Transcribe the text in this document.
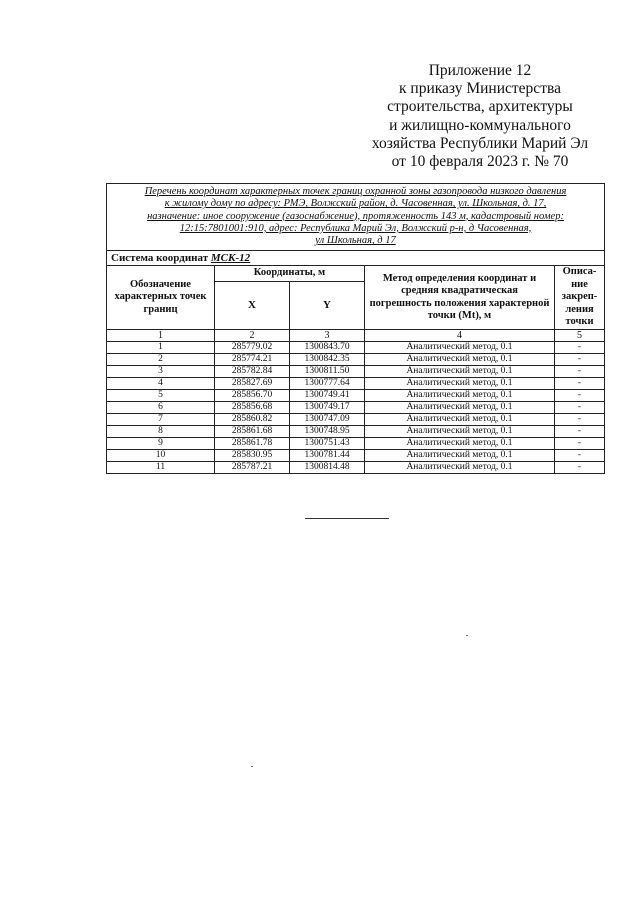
Приложение 12
к приказу Министерства
строительства, архитектуры
и жилищно-коммунального
хозяйства Республики Марий Эл
от 10 февраля 2023 г. № 70
Перечень координат характерных точек границ охранной зоны газопровода низкого давления
к жилому дому по адресу: РМЭ, Волжский район, д. Часовенная, ул. Школьная, д. 17,
назначение: иное сооружение (газоснабжение), протяженность 143 м, кадастровый номер:
12:15:7801001:910, адрес: Республика Марий Эл, Волжский р-н, д Часовенная,
ул Школьная, д 17				

Система координат МСК-12				
Обозначение характерных точек границ	Координаты, м		Метод определения координат и средняя квадратическая погрешность положения характерной точки (Mt), м	Описа-ние закреп-ления точки
	X	Y		
1	2	3	4	5
1	285779.02	1300843.70	Аналитический метод, 0.1	-
2	285774.21	1300842.35	Аналитический метод, 0.1	-
3	285782.84	1300811.50	Аналитический метод, 0.1	-
4	285827.69	1300777.64	Аналитический метод, 0.1	-
5	285856.70	1300749.41	Аналитический метод, 0.1	-
6	285856.68	1300749.17	Аналитический метод, 0.1	-
7	285860.82	1300747.09	Аналитический метод, 0.1	-
8	285861.68	1300748.95	Аналитический метод, 0.1	-
9	285861.78	1300751.43	Аналитический метод, 0.1	-
10	285830.95	1300781.44	Аналитический метод, 0.1	-
11	285787.21	1300814.48	Аналитический метод, 0.1	-
